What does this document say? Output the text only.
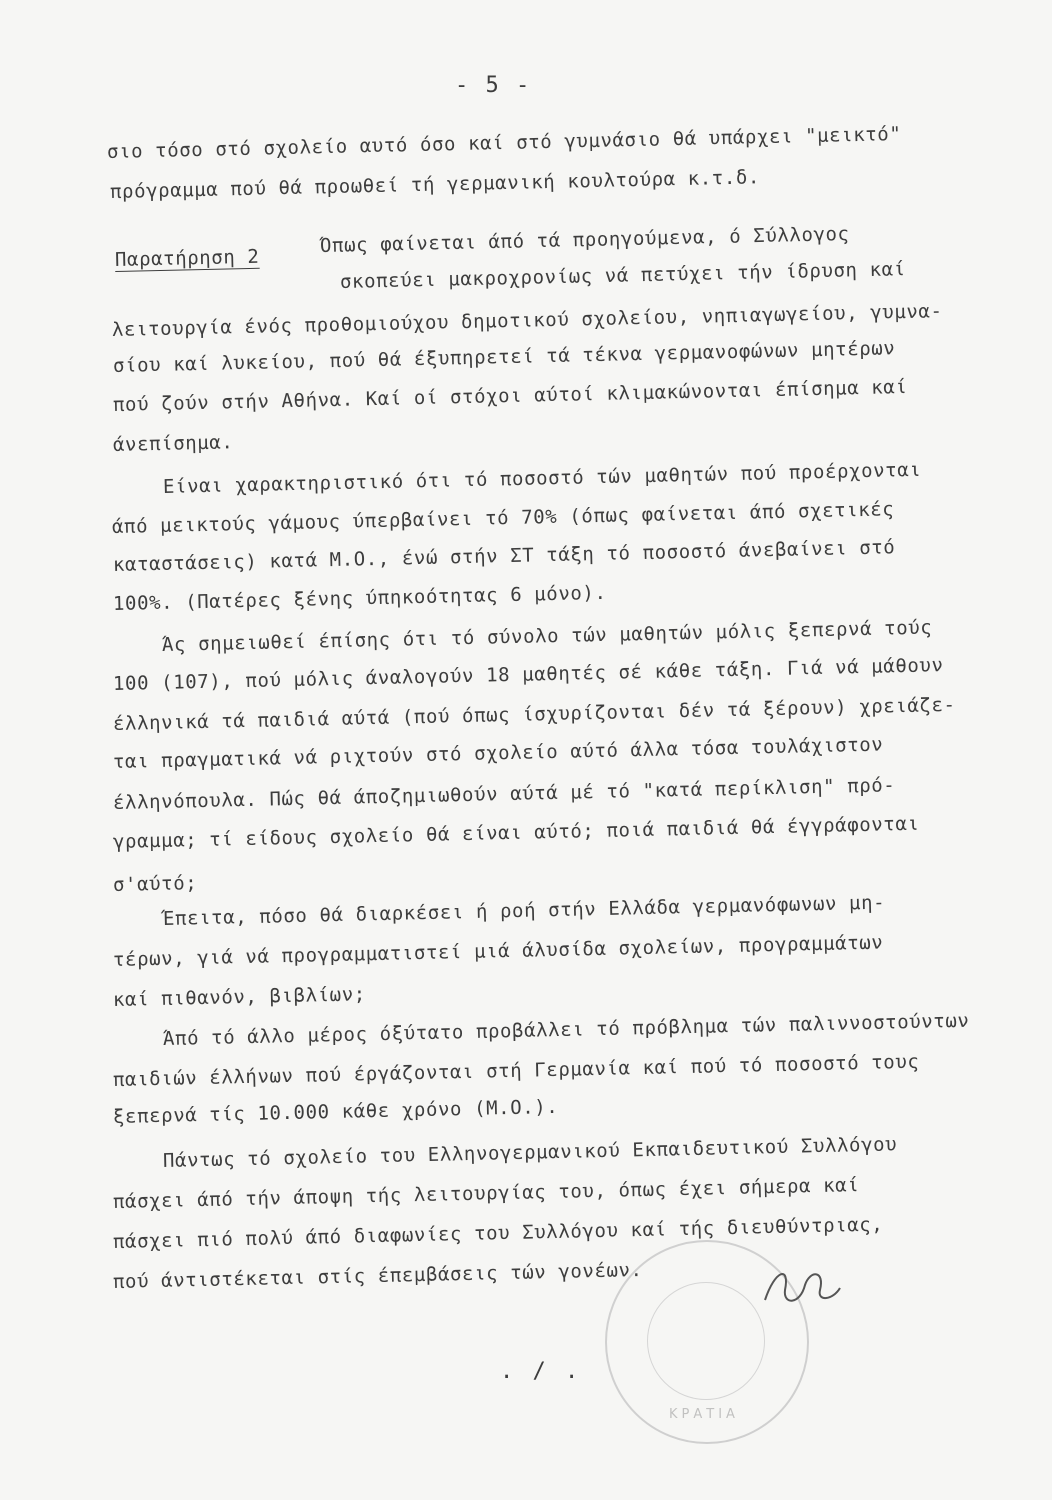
- 5 -
σιο τόσο στό σχολείο αυτό όσο καί στό γυμνάσιο θά υπάρχει "μεικτό"
πρόγραμμα πού θά προωθεί τή γερμανική κουλτούρα κ.τ.δ.
Παρατήρηση 2
Όπως φαίνεται άπό τά προηγούμενα, ό Σύλλογος
σκοπεύει μακροχρονίως νά πετύχει τήν ίδρυση καί
λειτουργία ένός προθομιούχου δημοτικού σχολείου, νηπιαγωγείου, γυμνα-
σίου καί λυκείου, πού θά έξυπηρετεί τά τέκνα γερμανοφώνων μητέρων
πού ζούν στήν Αθήνα. Καί οί στόχοι αύτοί κλιμακώνονται έπίσημα καί
άνεπίσημα.
Είναι χαρακτηριστικό ότι τό ποσοστό τών μαθητών πού προέρχονται
άπό μεικτούς γάμους ύπερβαίνει τό 70% (όπως φαίνεται άπό σχετικές
καταστάσεις) κατά Μ.Ο., ένώ στήν ΣΤ τάξη τό ποσοστό άνεβαίνει στό
100%. (Πατέρες ξένης ύπηκοότητας 6 μόνο).
Άς σημειωθεί έπίσης ότι τό σύνολο τών μαθητών μόλις ξεπερνά τούς
100 (107), πού μόλις άναλογούν 18 μαθητές σέ κάθε τάξη. Γιά νά μάθουν
έλληνικά τά παιδιά αύτά (πού όπως ίσχυρίζονται δέν τά ξέρουν) χρειάζε-
ται πραγματικά νά ριχτούν στό σχολείο αύτό άλλα τόσα τουλάχιστον
έλληνόπουλα. Πώς θά άποζημιωθούν αύτά μέ τό "κατά περίκλιση" πρό-
γραμμα; τί είδους σχολείο θά είναι αύτό; ποιά παιδιά θά έγγράφονται
σ'αύτό;
Έπειτα, πόσο θά διαρκέσει ή ροή στήν Ελλάδα γερμανόφωνων μη-
τέρων, γιά νά προγραμματιστεί μιά άλυσίδα σχολείων, προγραμμάτων
καί πιθανόν, βιβλίων;
Άπό τό άλλο μέρος όξύτατο προβάλλει τό πρόβλημα τών παλιννοστούντων
παιδιών έλλήνων πού έργάζονται στή Γερμανία καί πού τό ποσοστό τους
ξεπερνά τίς 10.000 κάθε χρόνο (Μ.Ο.).
Πάντως τό σχολείο του Ελληνογερμανικού Εκπαιδευτικού Συλλόγου
πάσχει άπό τήν άποψη τής λειτουργίας του, όπως έχει σήμερα καί
πάσχει πιό πολύ άπό διαφωνίες του Συλλόγου καί τής διευθύντριας,
πού άντιστέκεται στίς έπεμβάσεις τών γονέων.
ΚΡΑΤΙΑ
. / .
